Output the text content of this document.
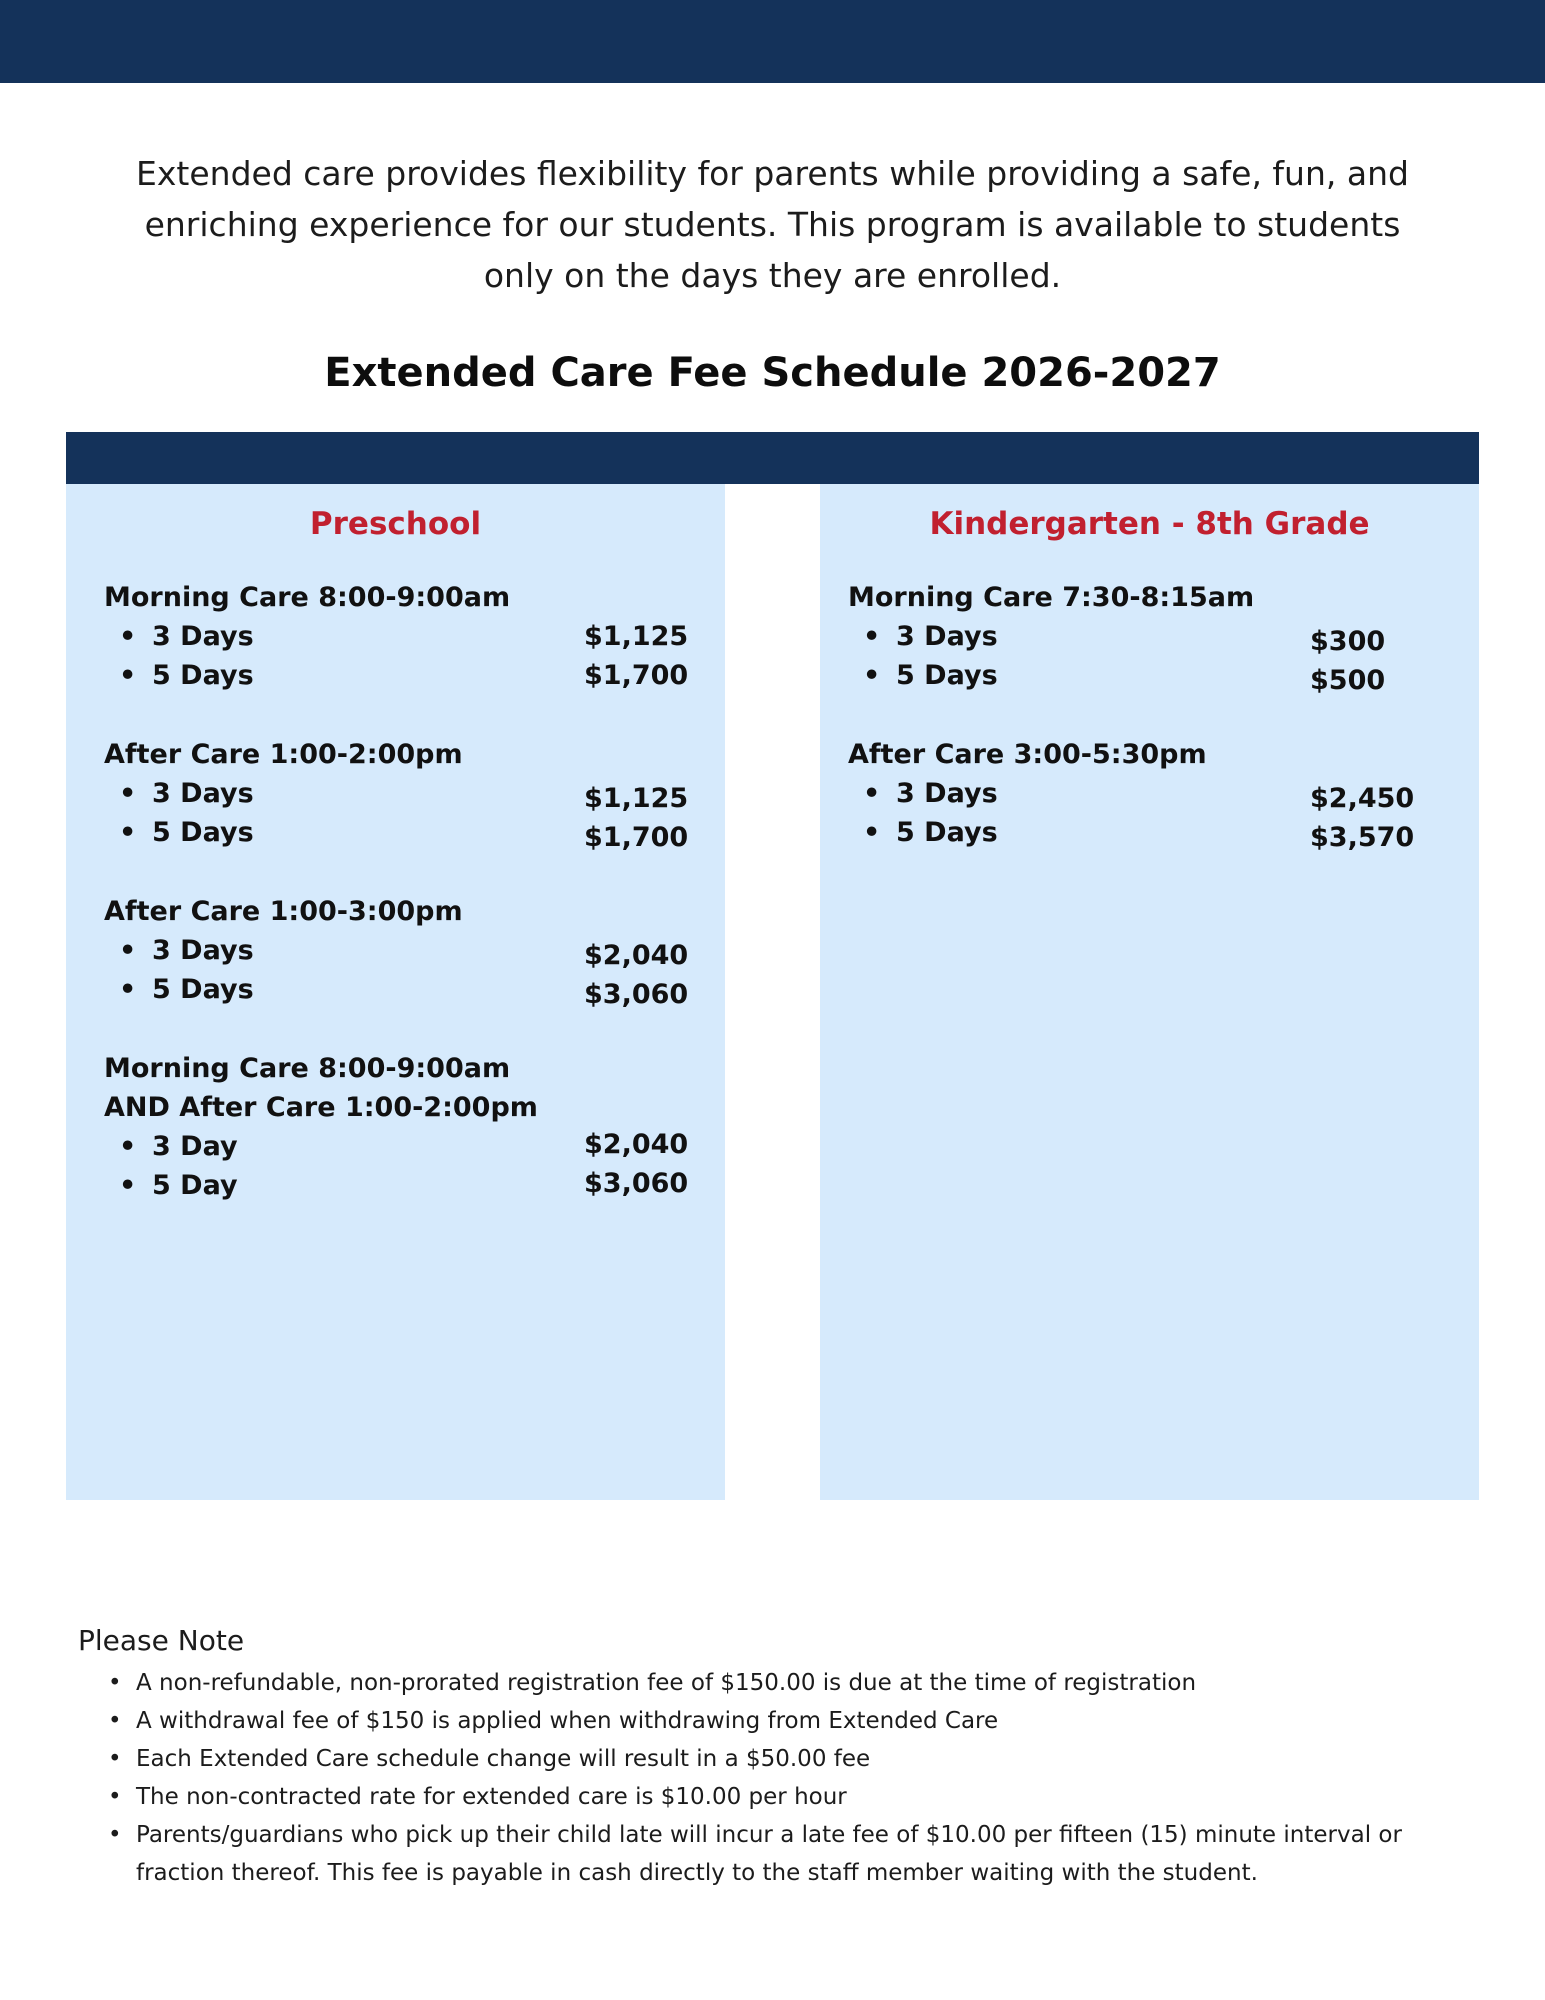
Extended care provides flexibility for parents while providing a safe, fun, and

enriching experience for our students. This program is available to students

only on the days they are enrolled.

Extended Care Fee Schedule 2026-2027
Preschool

Morning Care 8:00-9:00am

• 3 Days	$1,125
• 5 Days	$1,700

After Care 1:00-2:00pm

• 3 Days	$1,125
• 5 Days	$1,700

After Care 1:00-3:00pm

• 3 Days	$2,040
• 5 Days	$3,060

Morning Care 8:00-9:00am

AND After Care 1:00-2:00pm

• 3 Day	$2,040
• 5 Day	$3,060
Kindergarten - 8th Grade

Morning Care 7:30-8:15am

• 3 Days	$300
• 5 Days	$500

After Care 3:00-5:30pm

• 3 Days	$2,450
• 5 Days	$3,570

Please Note

• A non-refundable, non-prorated registration fee of $150.00 is due at the time of registration
• A withdrawal fee of $150 is applied when withdrawing from Extended Care
• Each Extended Care schedule change will result in a $50.00 fee
• The non-contracted rate for extended care is $10.00 per hour
• Parents/guardians who pick up their child late will incur a late fee of $10.00 per fifteen (15) minute interval or
fraction thereof. This fee is payable in cash directly to the staff member waiting with the student.
